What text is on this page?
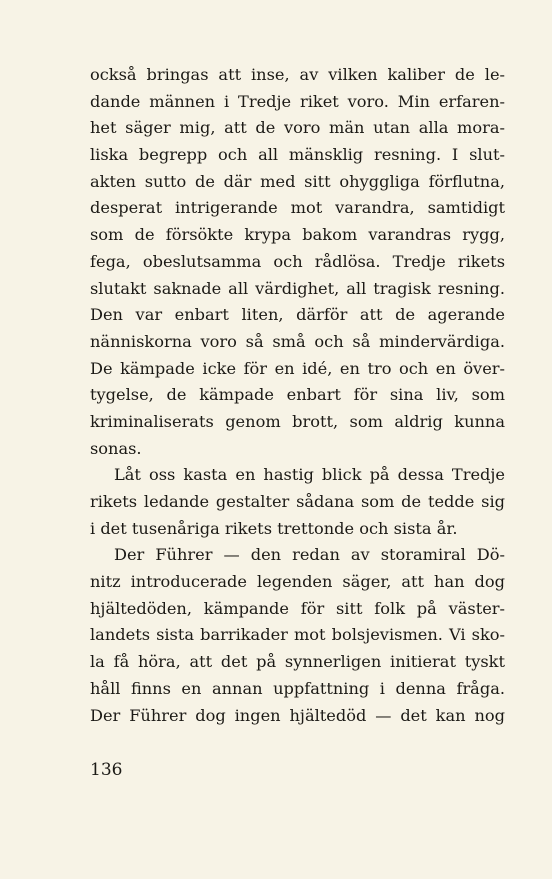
också bringas att inse, av vilken kaliber de le-
dande männen i Tredje riket voro. Min erfaren-
het säger mig, att de voro män utan alla mora-
liska begrepp och all mänsklig resning. I slut-
akten sutto de där med sitt ohyggliga förflutna,
desperat intrigerande mot varandra, samtidigt
som de försökte krypa bakom varandras rygg,
fega, obeslutsamma och rådlösa. Tredje rikets
slutakt saknade all värdighet, all tragisk resning.
Den var enbart liten, därför att de agerande
nänniskorna voro så små och så mindervärdiga.
De kämpade icke för en idé, en tro och en över-
tygelse, de kämpade enbart för sina liv, som
kriminaliserats genom brott, som aldrig kunna
sonas.
Låt oss kasta en hastig blick på dessa Tredje
rikets ledande gestalter sådana som de tedde sig
i det tusenåriga rikets trettonde och sista år.
Der Führer — den redan av storamiral Dö-
nitz introducerade legenden säger, att han dog
hjältedöden, kämpande för sitt folk på väster-
landets sista barrikader mot bolsjevismen. Vi sko-
la få höra, att det på synnerligen initierat tyskt
håll finns en annan uppfattning i denna fråga.
Der Führer dog ingen hjältedöd — det kan nog
136
